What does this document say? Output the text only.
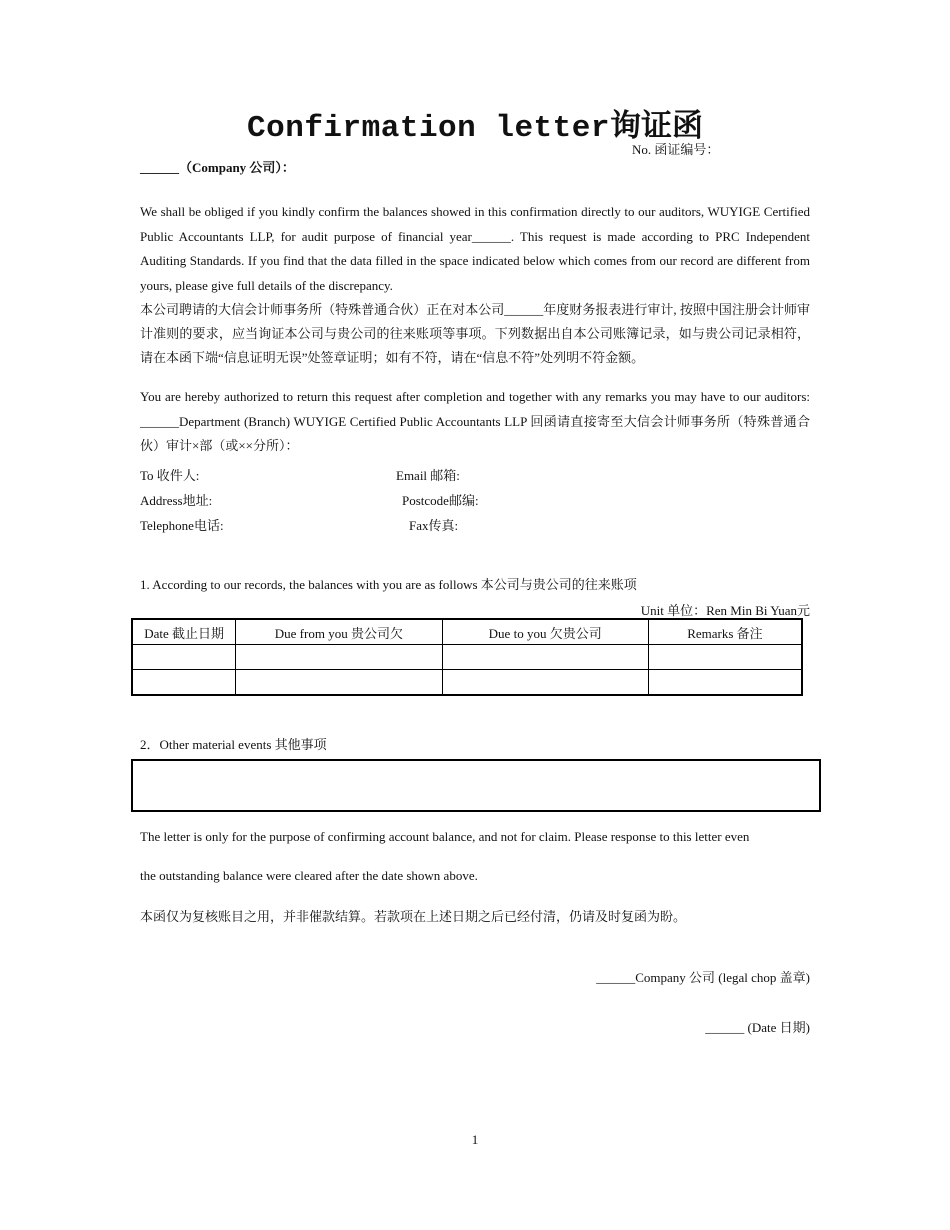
Confirmation letter询证函
No. 函证编号：
______（Company 公司）：
We shall be obliged if you kindly confirm the balances showed in this confirmation directly to our auditors, WUYIGE Certified Public Accountants LLP, for audit purpose of financial year______. This request is made according to PRC Independent Auditing Standards. If you find that the data filled in the space indicated below which comes from our record are different from yours, please give full details of the discrepancy.
本公司聘请的大信会计师事务所（特殊普通合伙）正在对本公司______年度财务报表进行审计, 按照中国注册会计师审计准则的要求，应当询证本公司与贵公司的往来账项等事项。下列数据出自本公司账簿记录，如与贵公司记录相符，请在本函下端“信息证明无误”处签章证明；如有不符，请在“信息不符”处列明不符金额。
You are hereby authorized to return this request after completion and together with any remarks you may have to our auditors: ______Department (Branch) WUYIGE Certified Public Accountants LLP 回函请直接寄至大信会计师事务所（特殊普通合伙）审计×部（或××分所）：
To 收件人:	Email 邮箱:
Address地址:	Postcode邮编:
Telephone电话:	Fax传真:
1. According to our records, the balances with you are as follows 本公司与贵公司的往来账项
Unit 单位：Ren Min Bi Yuan元
Date 截止日期	Due from you 贵公司欠	Due to you 欠贵公司	Remarks 备注

2．Other material events 其他事项
The letter is only for the purpose of confirming account balance, and not for claim. Please response to this letter even
the outstanding balance were cleared after the date shown above.
本函仅为复核账目之用，并非催款结算。若款项在上述日期之后已经付清，仍请及时复函为盼。
______Company 公司 (legal chop 盖章)
______ (Date 日期)
1
